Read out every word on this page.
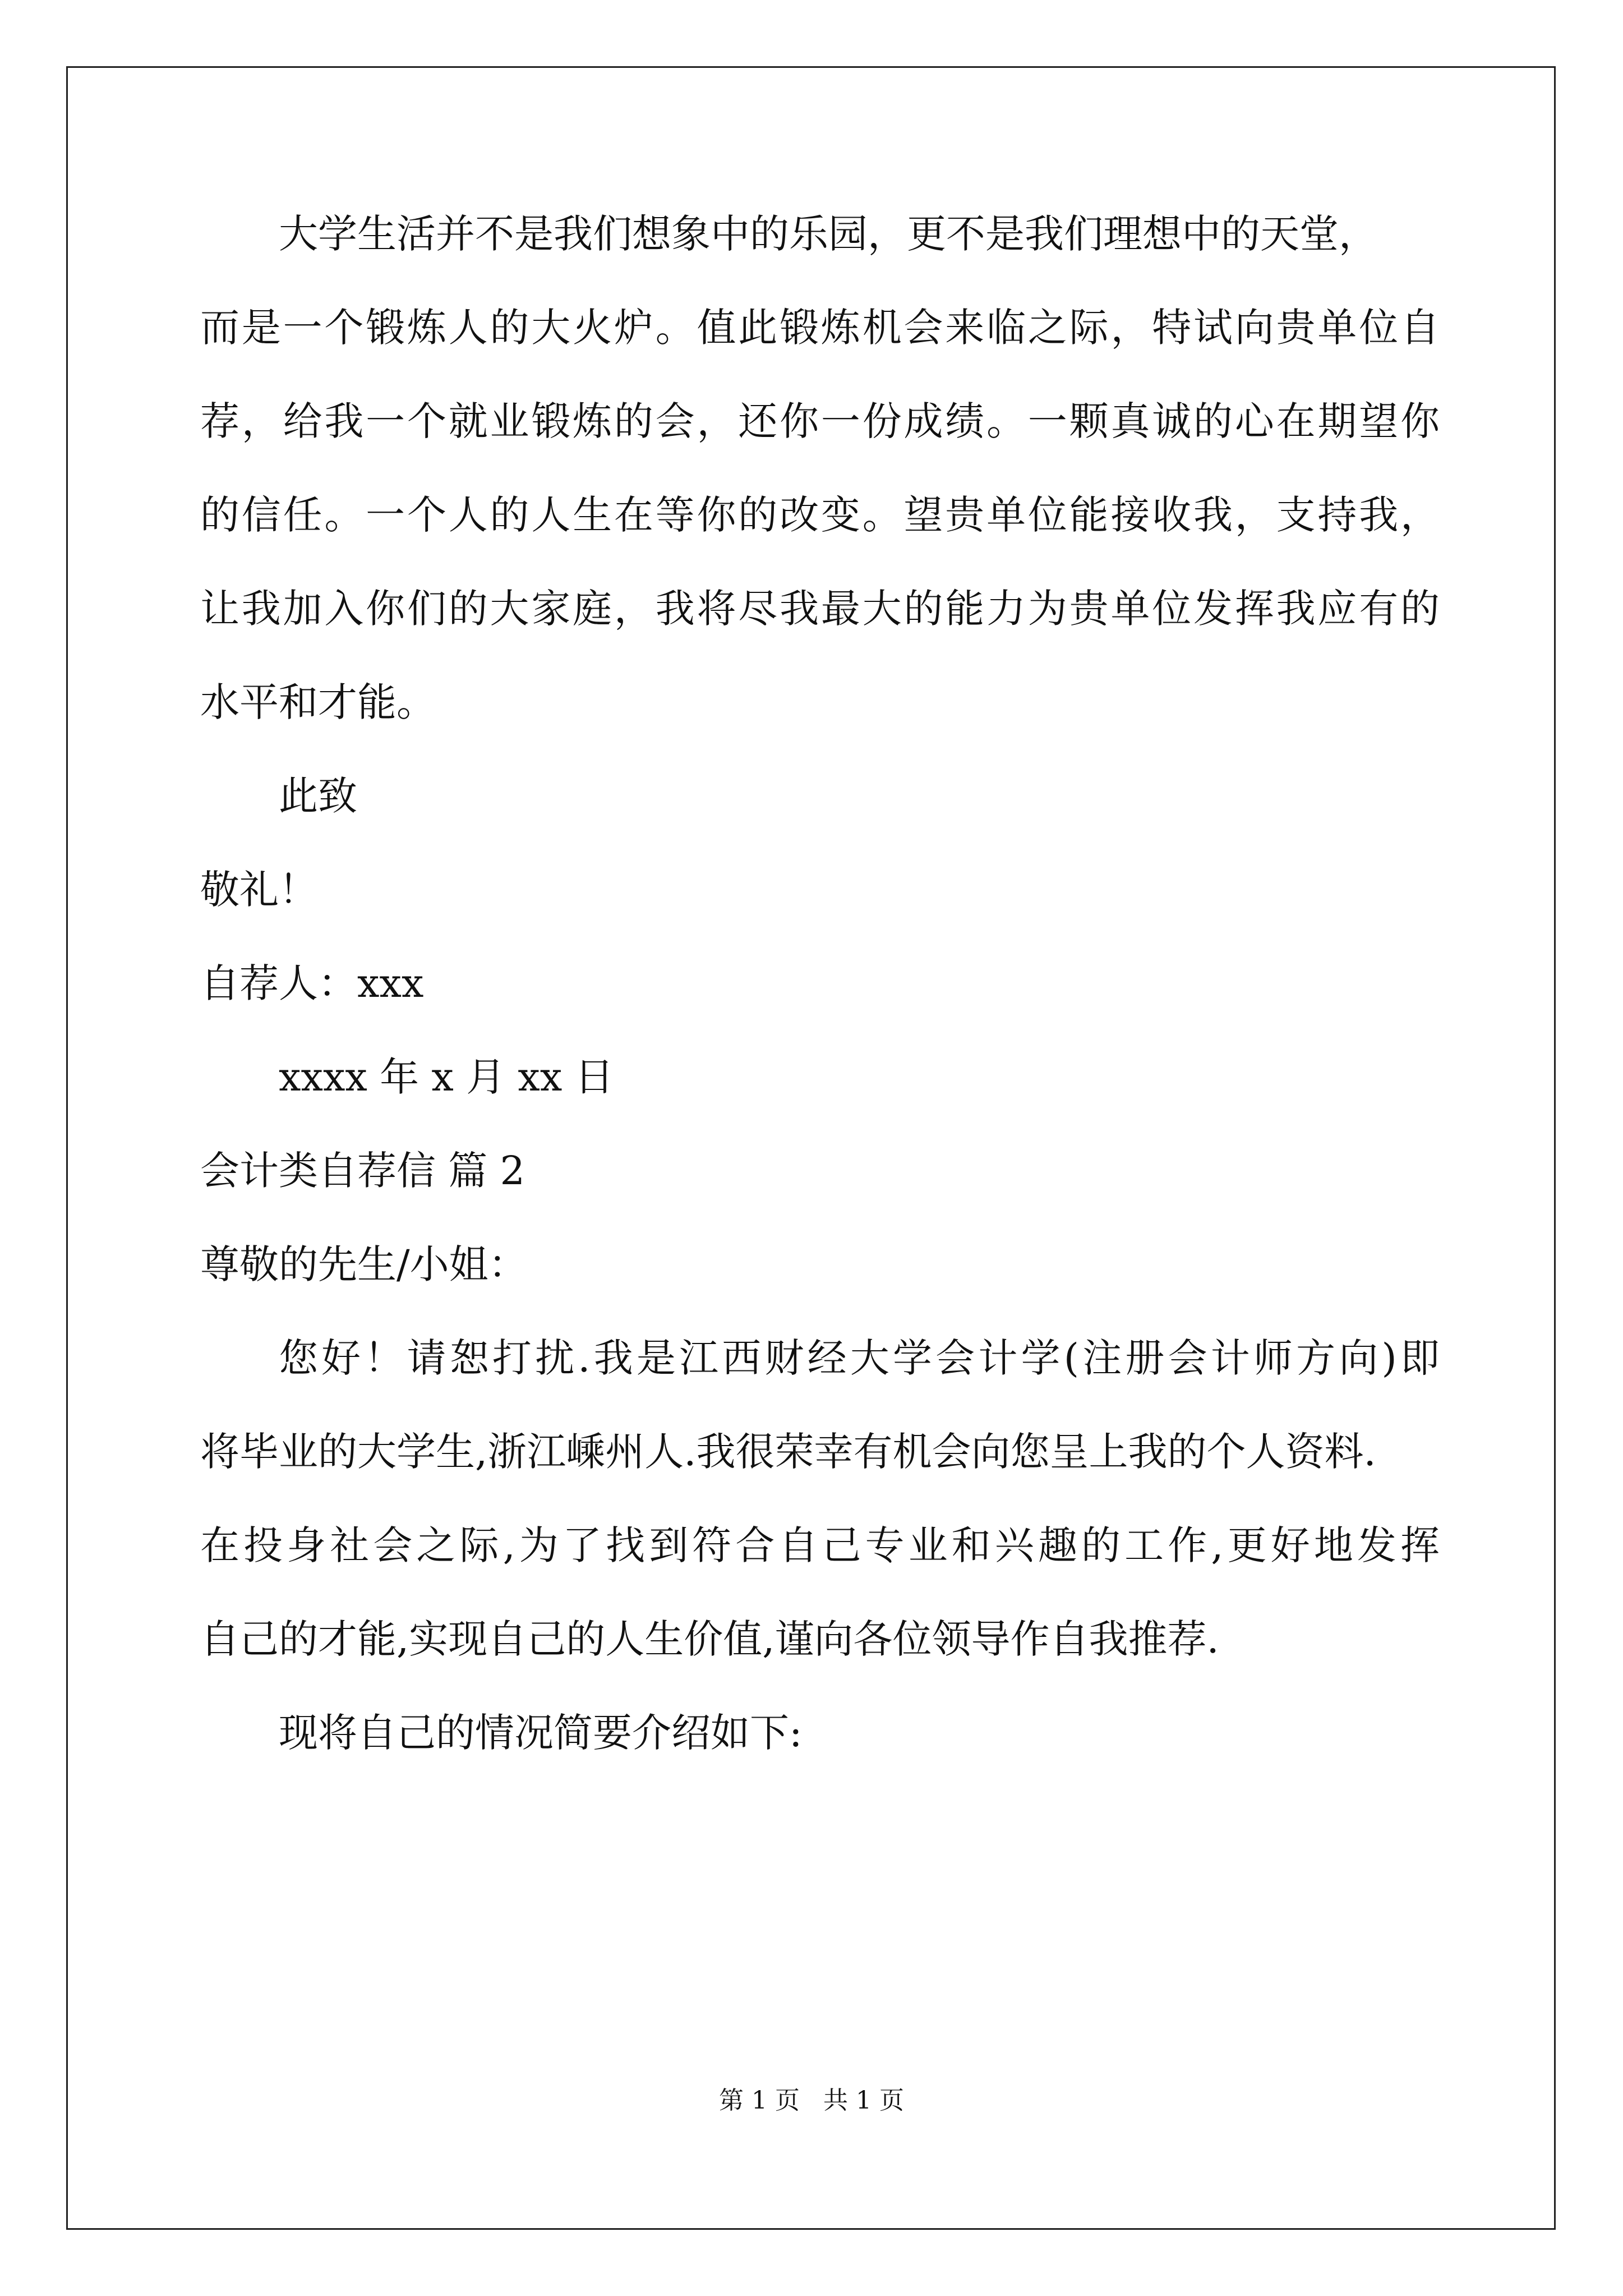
大学生活并不是我们想象中的乐园，更不是我们理想中的天堂，
而是一个锻炼人的大火炉。值此锻炼机会来临之际，特试向贵单位自
荐，给我一个就业锻炼的会，还你一份成绩。一颗真诚的心在期望你
的信任。一个人的人生在等你的改变。望贵单位能接收我，支持我，
让我加入你们的大家庭，我将尽我最大的能力为贵单位发挥我应有的
水平和才能。
此致
敬礼！
自荐人：xxx
xxxx 年 x 月 xx 日
会计类自荐信 篇 2
尊敬的先生/小姐：
您好！请恕打扰.我是江西财经大学会计学(注册会计师方向)即
将毕业的大学生,浙江嵊州人.我很荣幸有机会向您呈上我的个人资料.
在投身社会之际,为了找到符合自己专业和兴趣的工作,更好地发挥
自己的才能,实现自己的人生价值,谨向各位领导作自我推荐.
现将自己的情况简要介绍如下:
第 1 页   共 1 页
